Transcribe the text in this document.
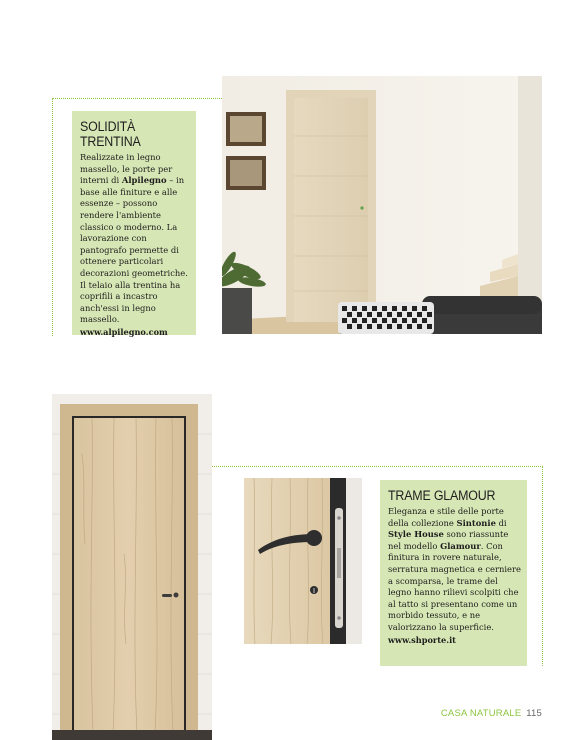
SOLIDITÀ TRENTINA

Realizzate in legno massello, le porte per interni di Alpilegno – in base alle finiture e alle essenze – possono rendere l'ambiente classico o moderno. La lavorazione con pantografo permette di ottenere particolari decorazioni geometriche. Il telaio alla trentina ha coprifili a incastro anch'essi in legno massello.

www.alpilegno.com
TRAME GLAMOUR

Eleganza e stile delle porte della collezione Sintonie di Style House sono riassunte nel modello Glamour. Con finitura in rovere naturale, serratura magnetica e cerniere a scomparsa, le trame del legno hanno rilievi scolpiti che al tatto si presentano come un morbido tessuto, e ne valorizzano la superficie.

www.shporte.it
CASA NATURALE 115
